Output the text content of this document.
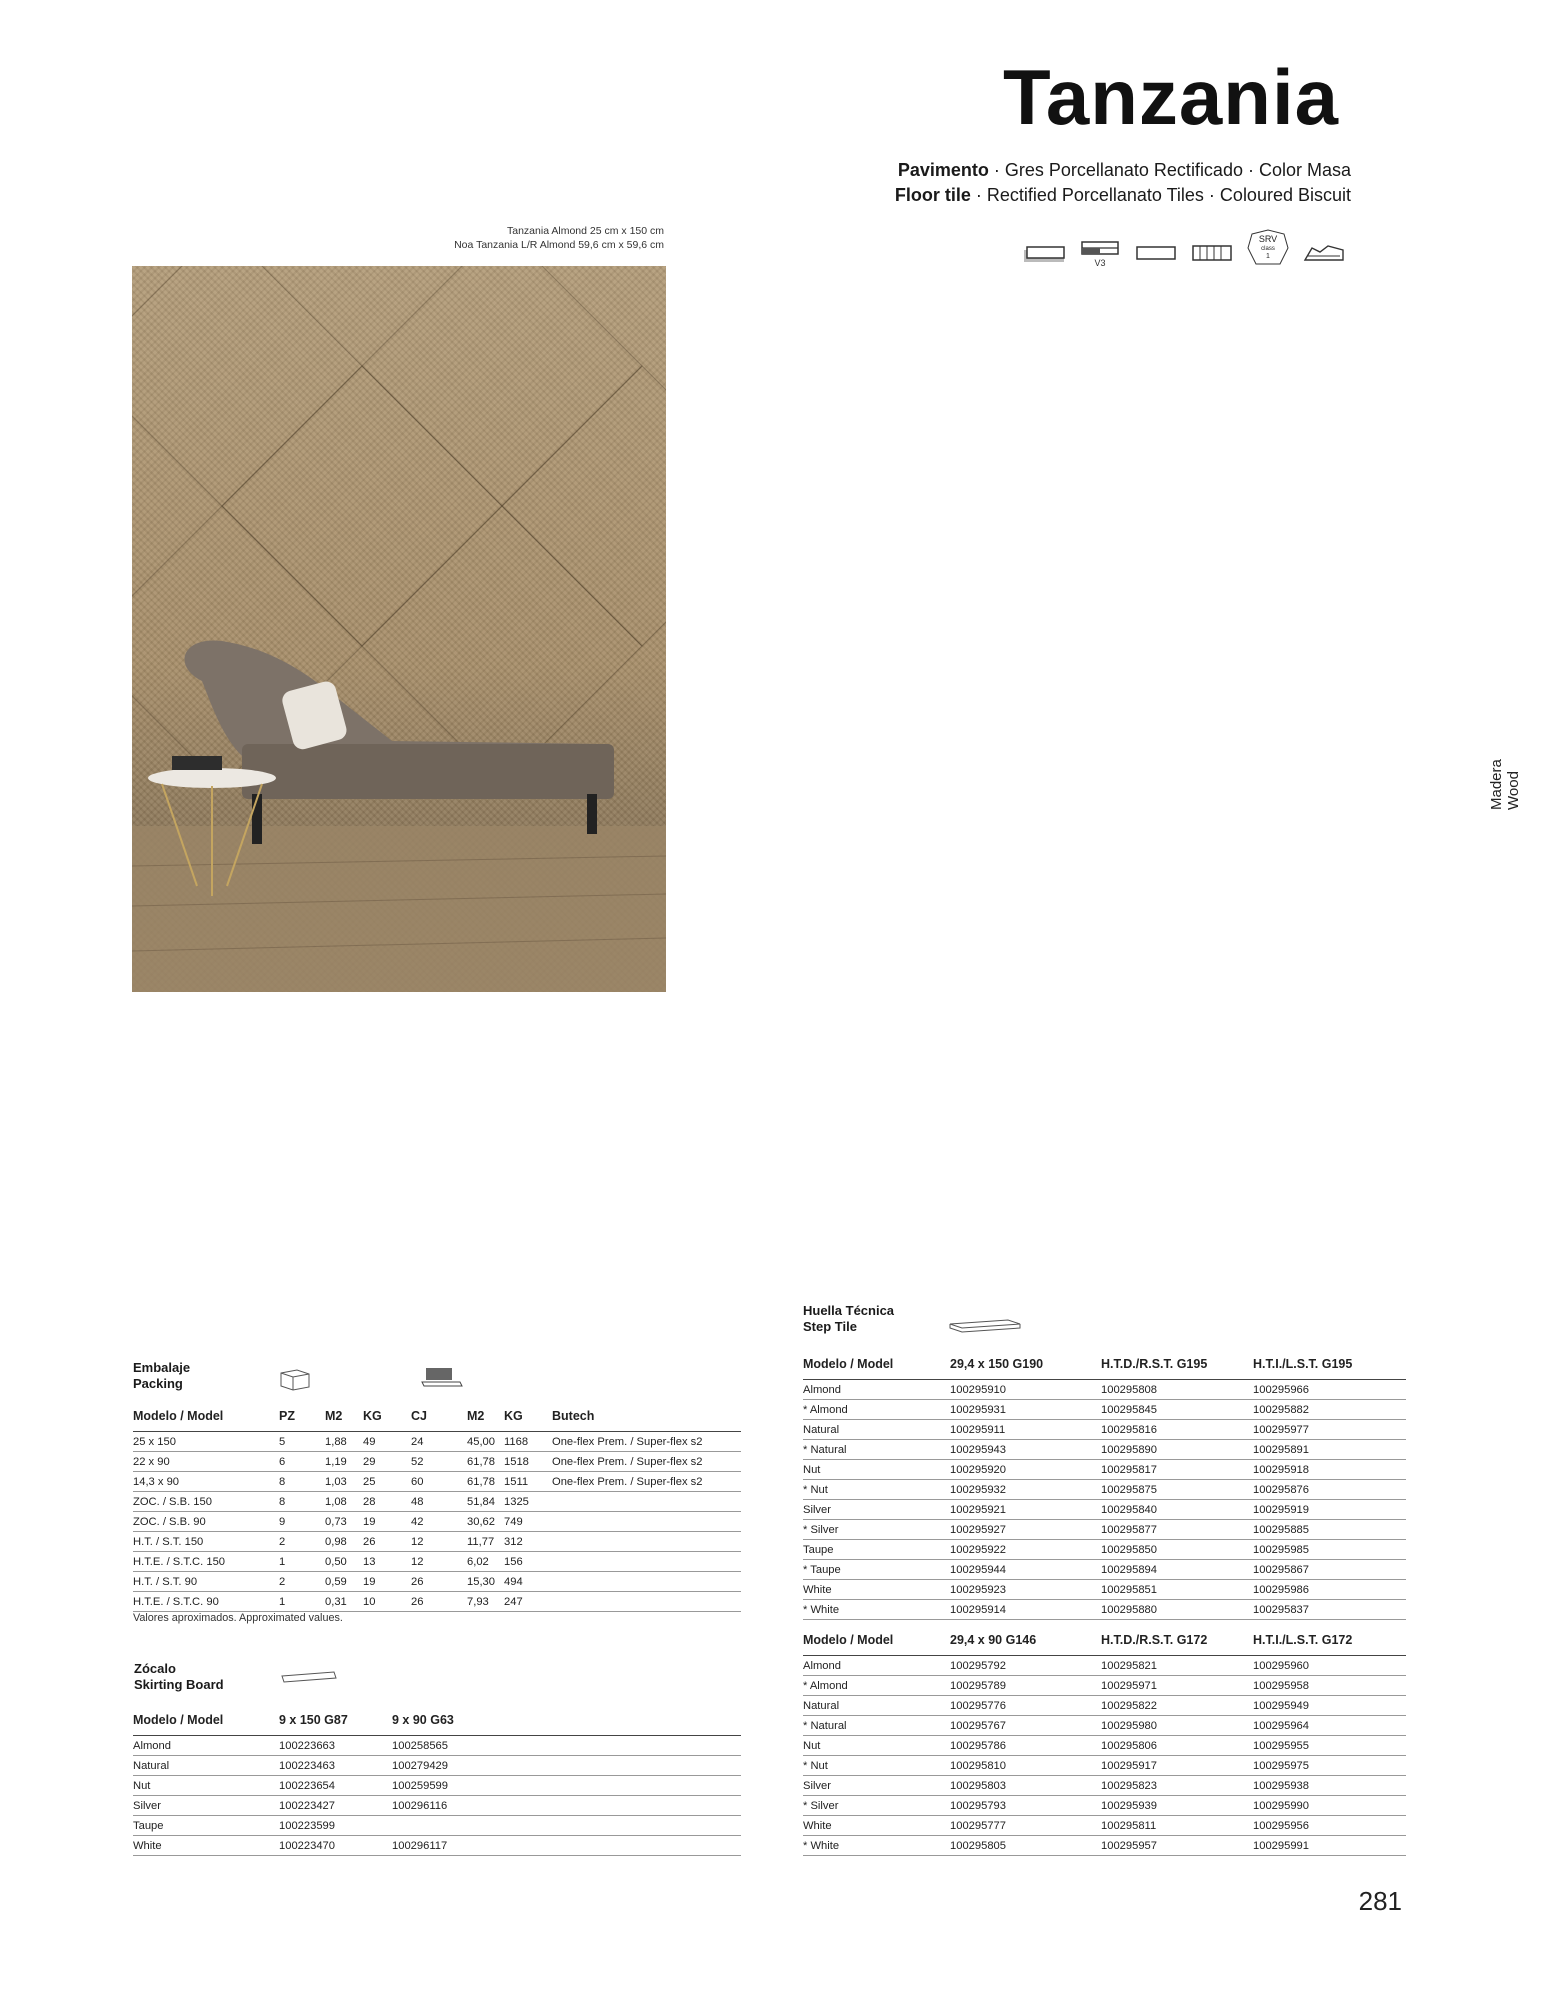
Tanzania
Pavimento · Gres Porcellanato Rectificado · Color Masa
Floor tile · Rectified Porcellanato Tiles · Coloured Biscuit
V3
SRV
class
1
Tanzania Almond 25 cm x 150 cm
Noa Tanzania L/R Almond 59,6 cm x 59,6 cm
Madera Wood
Embalaje
Packing
Modelo / Model	PZ	M2	KG	CJ	M2	KG	Butech
25 x 150	5	1,88	49	24	45,00	1168	One-flex Prem. / Super-flex s2
22 x 90	6	1,19	29	52	61,78	1518	One-flex Prem. / Super-flex s2
14,3 x 90	8	1,03	25	60	61,78	1511	One-flex Prem. / Super-flex s2
ZOC. / S.B. 150	8	1,08	28	48	51,84	1325	
ZOC. / S.B. 90	9	0,73	19	42	30,62	749	
H.T. / S.T. 150	2	0,98	26	12	11,77	312	
H.T.E. / S.T.C. 150	1	0,50	13	12	6,02	156	
H.T. / S.T. 90	2	0,59	19	26	15,30	494	
H.T.E. / S.T.C. 90	1	0,31	10	26	7,93	247	
Valores aproximados. Approximated values.
Zócalo
Skirting Board
Modelo / Model	9 x 150 G87	9 x 90 G63
Almond	100223663	100258565
Natural	100223463	100279429
Nut	100223654	100259599
Silver	100223427	100296116
Taupe	100223599	
White	100223470	100296117
Huella Técnica
Step Tile
Modelo / Model	29,4 x 150 G190	H.T.D./R.S.T. G195	H.T.I./L.S.T. G195
Almond	100295910	100295808	100295966
* Almond	100295931	100295845	100295882
Natural	100295911	100295816	100295977
* Natural	100295943	100295890	100295891
Nut	100295920	100295817	100295918
* Nut	100295932	100295875	100295876
Silver	100295921	100295840	100295919
* Silver	100295927	100295877	100295885
Taupe	100295922	100295850	100295985
* Taupe	100295944	100295894	100295867
White	100295923	100295851	100295986
* White	100295914	100295880	100295837
Modelo / Model	29,4 x 90 G146	H.T.D./R.S.T. G172	H.T.I./L.S.T. G172
Almond	100295792	100295821	100295960
* Almond	100295789	100295971	100295958
Natural	100295776	100295822	100295949
* Natural	100295767	100295980	100295964
Nut	100295786	100295806	100295955
* Nut	100295810	100295917	100295975
Silver	100295803	100295823	100295938
* Silver	100295793	100295939	100295990
White	100295777	100295811	100295956
* White	100295805	100295957	100295991
281
